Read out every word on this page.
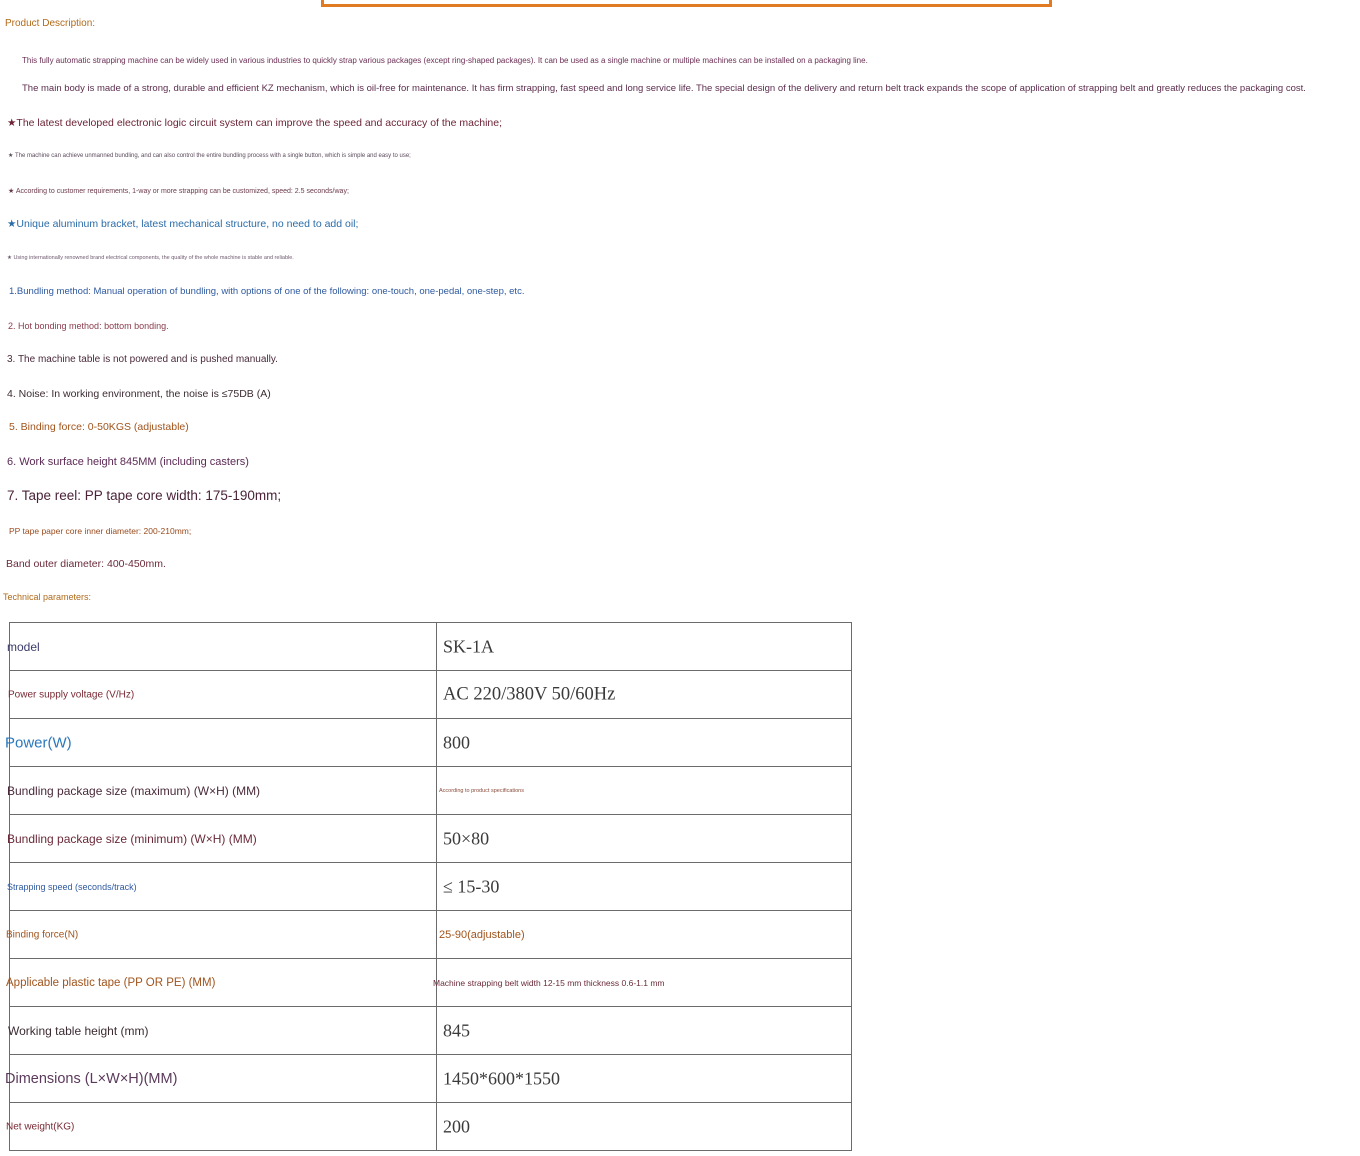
Product Description:

This fully automatic strapping machine can be widely used in various industries to quickly strap various packages (except ring-shaped packages). It can be used as a single machine or multiple machines can be installed on a packaging line.

The main body is made of a strong, durable and efficient KZ mechanism, which is oil-free for maintenance. It has firm strapping, fast speed and long service life. The special design of the delivery and return belt track expands the scope of application of strapping belt and greatly reduces the packaging cost.

★The latest developed electronic logic circuit system can improve the speed and accuracy of the machine;

★ The machine can achieve unmanned bundling, and can also control the entire bundling process with a single button, which is simple and easy to use;

★ According to customer requirements, 1-way or more strapping can be customized, speed: 2.5 seconds/way;

★Unique aluminum bracket, latest mechanical structure, no need to add oil;

★ Using internationally renowned brand electrical components, the quality of the whole machine is stable and reliable.

1.Bundling method: Manual operation of bundling, with options of one of the following: one-touch, one-pedal, one-step, etc.

2. Hot bonding method: bottom bonding.

3. The machine table is not powered and is pushed manually.

4. Noise: In working environment, the noise is ≤75DB (A)

5. Binding force: 0-50KGS (adjustable)

6. Work surface height 845MM (including casters)

7. Tape reel: PP tape core width: 175-190mm;

PP tape paper core inner diameter: 200-210mm;

Band outer diameter: 400-450mm.

Technical parameters:

model	SK-1A

Power supply voltage (V/Hz)	AC 220/380V 50/60Hz

Power(W)	800

Bundling package size (maximum) (W×H) (MM)	According to product specifications

Bundling package size (minimum) (W×H) (MM)	50×80

Strapping speed (seconds/track)	≤ 15-30

Binding force(N)	25-90(adjustable)

Applicable plastic tape (PP OR PE) (MM)	Machine strapping belt width 12-15 mm thickness 0.6-1.1 mm

Working table height (mm)	845

Dimensions (L×W×H)(MM)	1450*600*1550

Net weight(KG)	200
